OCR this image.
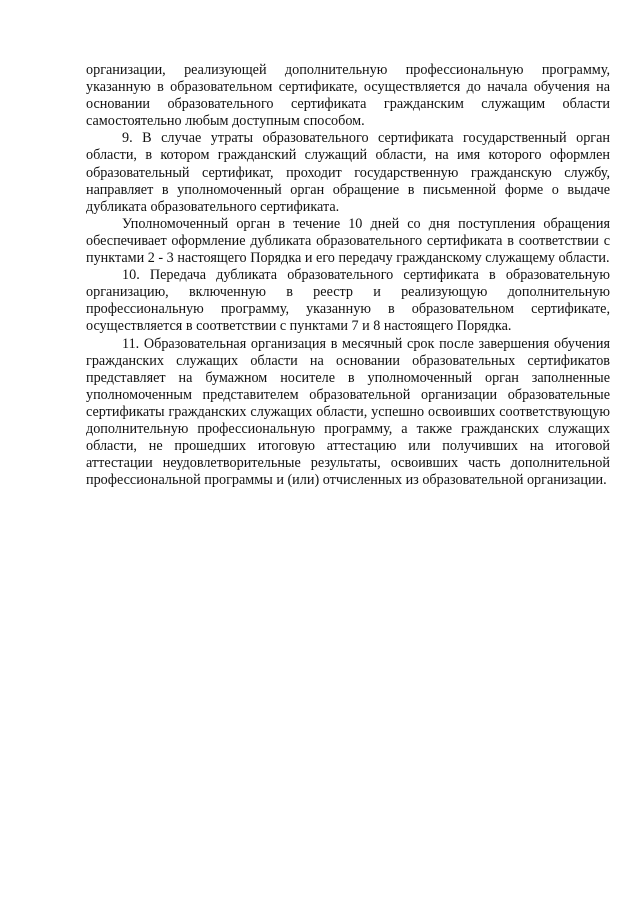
организации, реализующей дополнительную профессиональную программу, указанную в образовательном сертификате, осуществляется до начала обучения на основании образовательного сертификата гражданским служащим области самостоятельно любым доступным способом.

9. В случае утраты образовательного сертификата государственный орган области, в котором гражданский служащий области, на имя которого оформлен образовательный сертификат, проходит государственную гражданскую службу, направляет в уполномоченный орган обращение в письменной форме о выдаче дубликата образовательного сертификата.

Уполномоченный орган в течение 10 дней со дня поступления обращения обеспечивает оформление дубликата образовательного сертификата в соответствии с пунктами 2 - 3 настоящего Порядка и его передачу гражданскому служащему области.

10. Передача дубликата образовательного сертификата в образовательную организацию, включенную в реестр и реализующую дополнительную профессиональную программу, указанную в образовательном сертификате, осуществляется в соответствии с пунктами 7 и 8 настоящего Порядка.

11. Образовательная организация в месячный срок после завершения обучения гражданских служащих области на основании образовательных сертификатов представляет на бумажном носителе в уполномоченный орган заполненные уполномоченным представителем образовательной организации образовательные сертификаты гражданских служащих области, успешно освоивших соответствующую дополнительную профессиональную программу, а также гражданских служащих области, не прошедших итоговую аттестацию или получивших на итоговой аттестации неудовлетворительные результаты, освоивших часть дополнительной профессиональной программы и (или) отчисленных из образовательной организации.
